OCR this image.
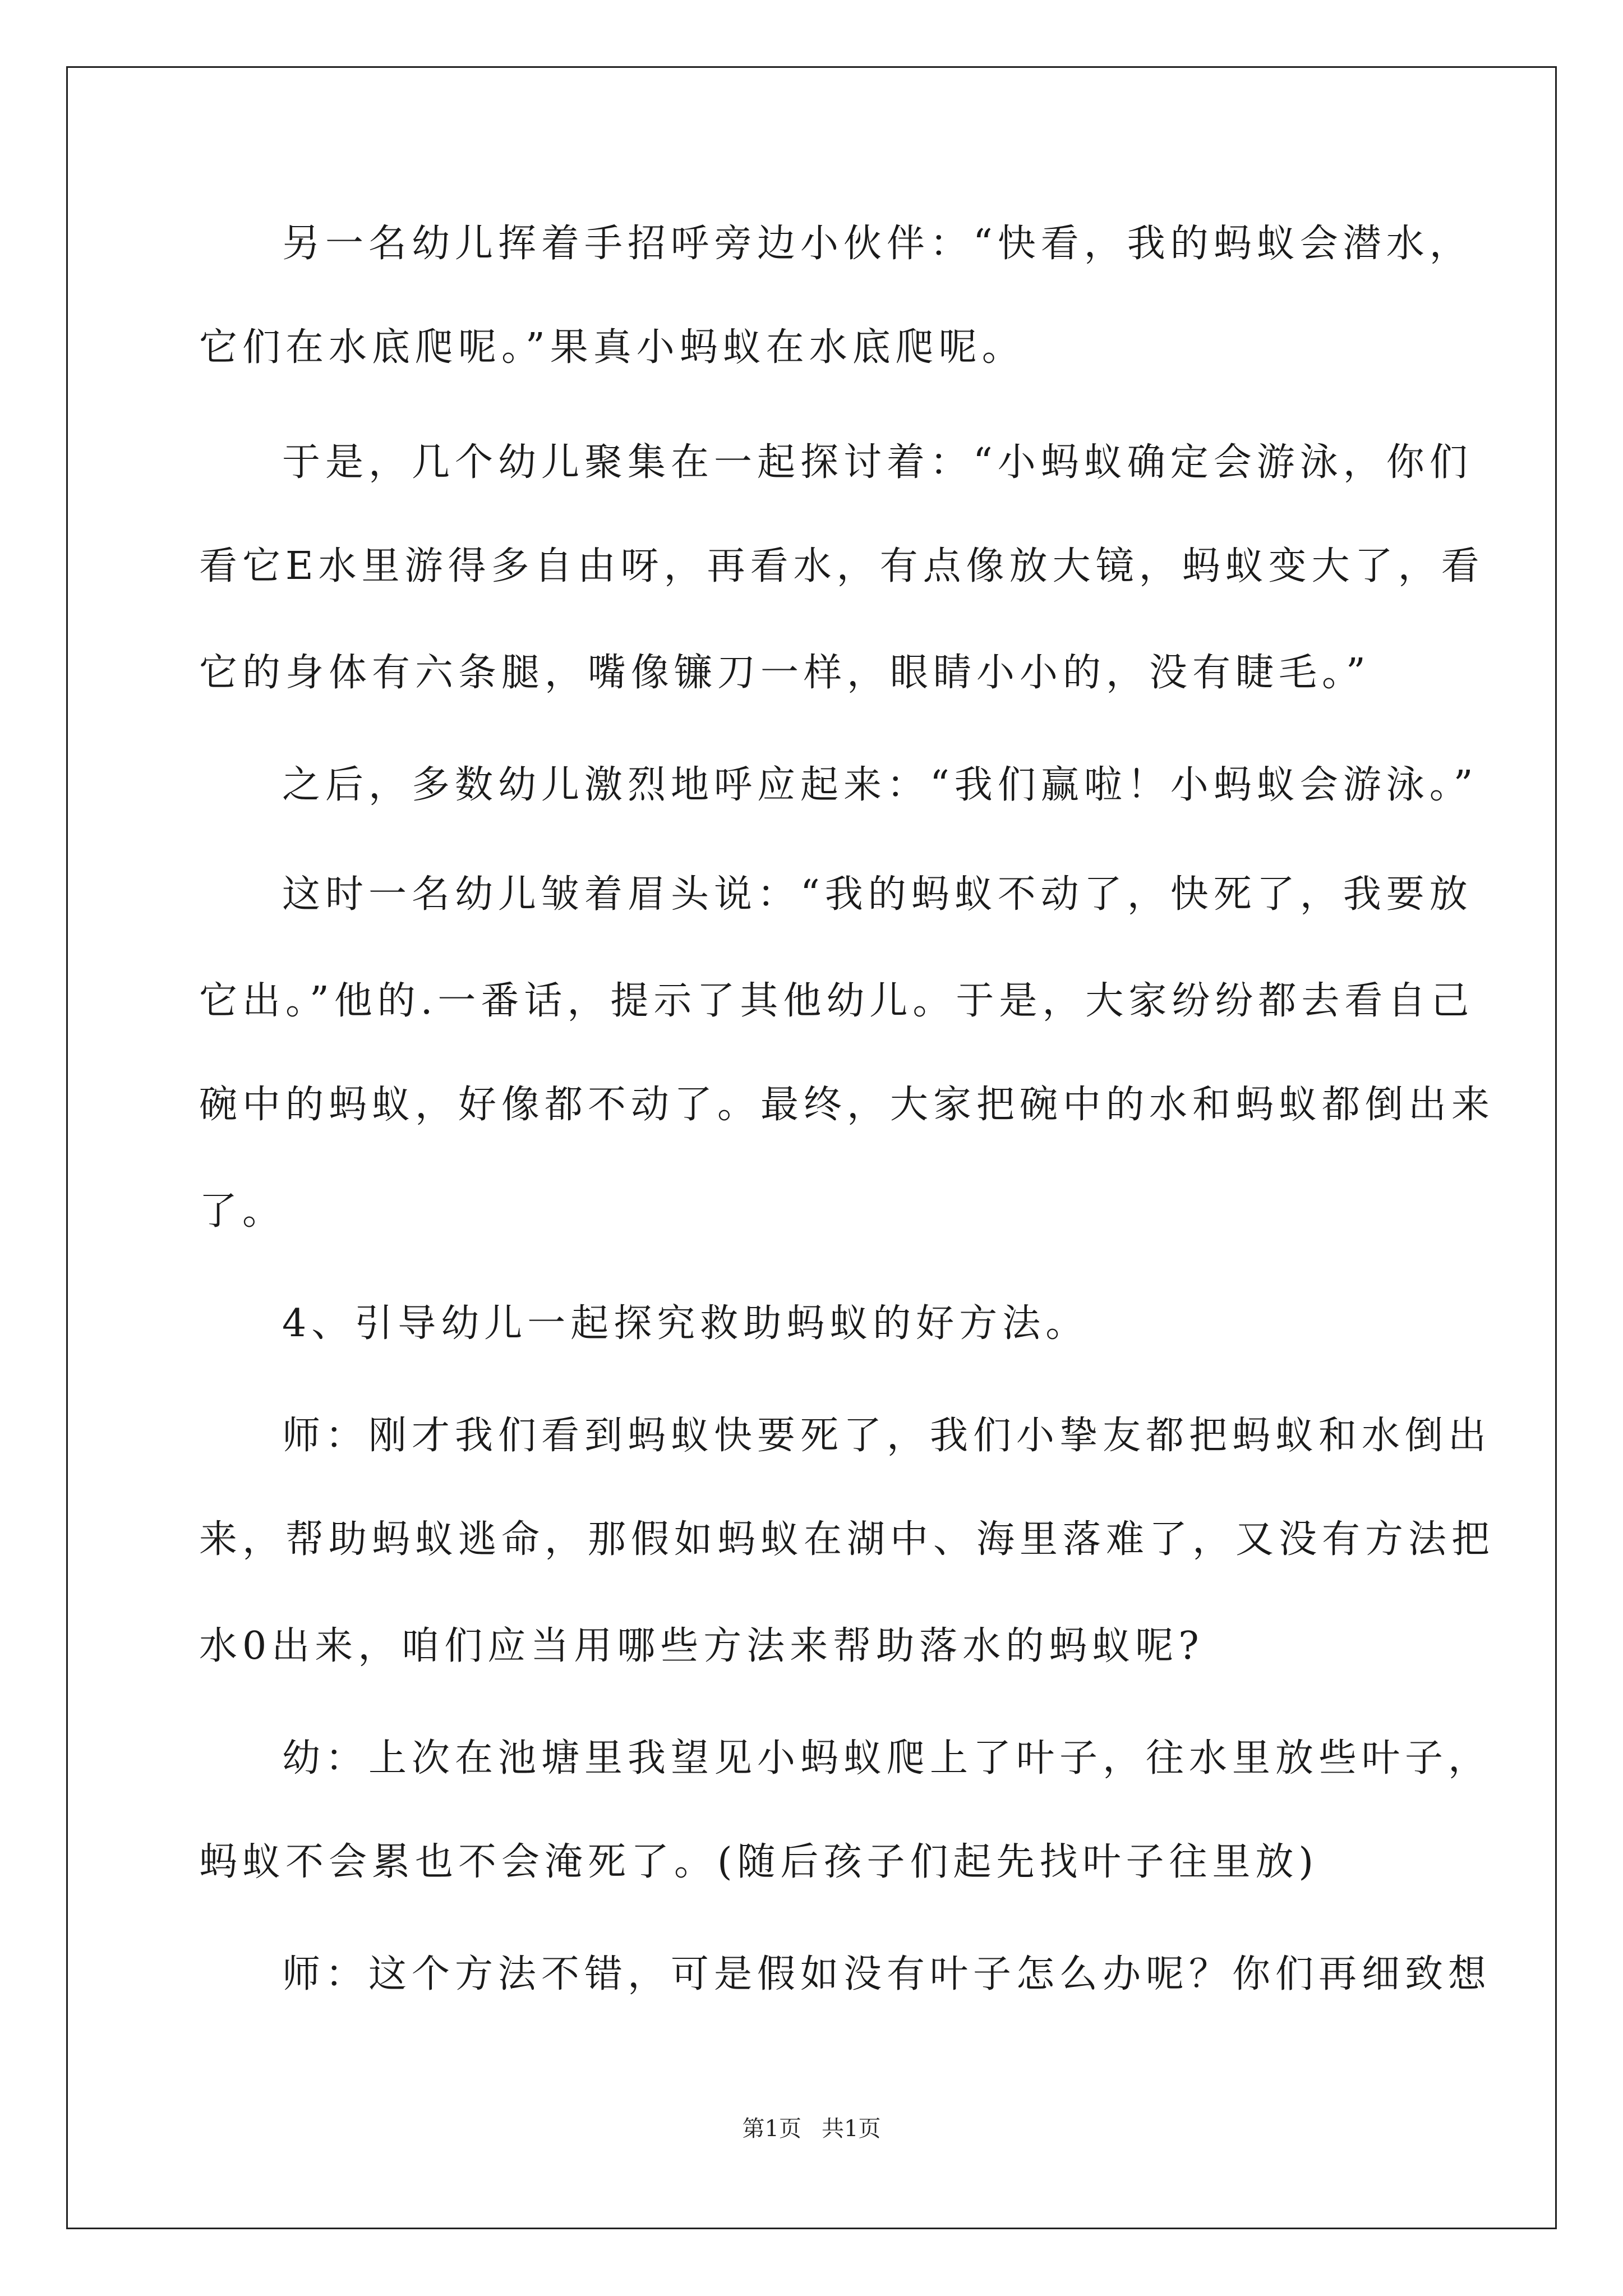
另一名幼儿挥着手招呼旁边小伙伴：“快看，我的蚂蚁会潜水，
它们在水底爬呢。”果真小蚂蚁在水底爬呢。
于是，几个幼儿聚集在一起探讨着：“小蚂蚁确定会游泳，你们
看它E水里游得多自由呀，再看水，有点像放大镜，蚂蚁变大了，看
它的身体有六条腿，嘴像镰刀一样，眼睛小小的，没有睫毛。”
之后，多数幼儿激烈地呼应起来：“我们赢啦！小蚂蚁会游泳。”
这时一名幼儿皱着眉头说：“我的蚂蚁不动了，快死了，我要放
它出。”他的.一番话，提示了其他幼儿。于是，大家纷纷都去看自己
碗中的蚂蚁，好像都不动了。最终，大家把碗中的水和蚂蚁都倒出来
了。
4、引导幼儿一起探究救助蚂蚁的好方法。
师：刚才我们看到蚂蚁快要死了，我们小挚友都把蚂蚁和水倒出
来，帮助蚂蚁逃命，那假如蚂蚁在湖中、海里落难了，又没有方法把
水0出来，咱们应当用哪些方法来帮助落水的蚂蚁呢?
幼：上次在池塘里我望见小蚂蚁爬上了叶子，往水里放些叶子，
蚂蚁不会累也不会淹死了。(随后孩子们起先找叶子往里放)
师：这个方法不错，可是假如没有叶子怎么办呢？你们再细致想
第1页 共1页
